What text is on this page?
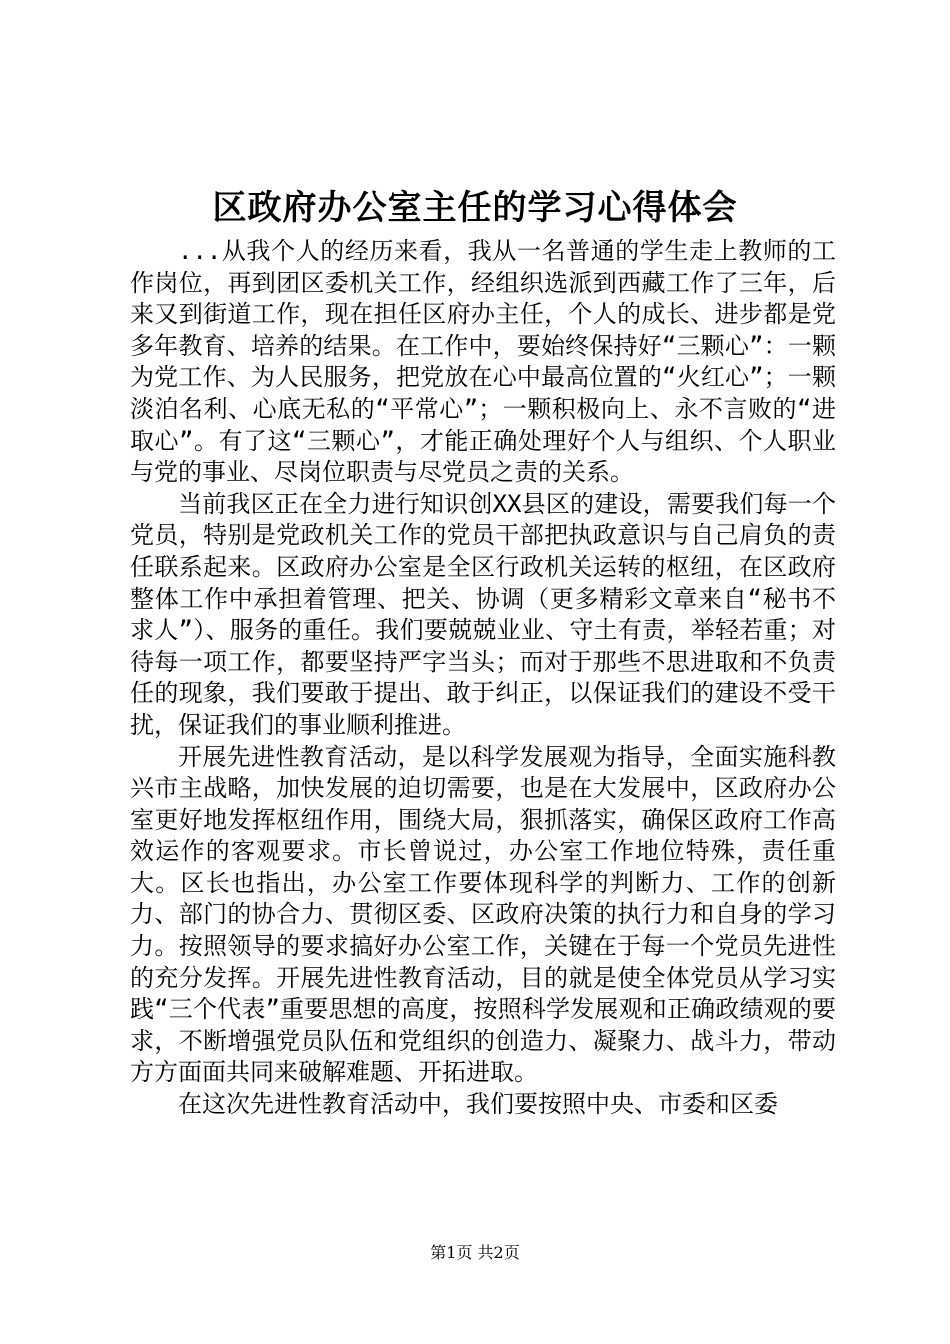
区政府办公室主任的学习心得体会

...从我个人的经历来看，我从一名普通的学生走上教师的工作岗位，再到团区委机关工作，经组织选派到西藏工作了三年，后来又到街道工作，现在担任区府办主任，个人的成长、进步都是党多年教育、培养的结果。在工作中，要始终保持好“三颗心”：一颗为党工作、为人民服务，把党放在心中最高位置的“火红心”；一颗淡泊名利、心底无私的“平常心”；一颗积极向上、永不言败的“进取心”。有了这“三颗心”，才能正确处理好个人与组织、个人职业与党的事业、尽岗位职责与尽党员之责的关系。

当前我区正在全力进行知识创XX县区的建设，需要我们每一个党员，特别是党政机关工作的党员干部把执政意识与自己肩负的责任联系起来。区政府办公室是全区行政机关运转的枢纽，在区政府整体工作中承担着管理、把关、协调（更多精彩文章来自“秘书不求人”）、服务的重任。我们要兢兢业业、守土有责，举轻若重；对待每一项工作，都要坚持严字当头；而对于那些不思进取和不负责任的现象，我们要敢于提出、敢于纠正，以保证我们的建设不受干扰，保证我们的事业顺利推进。

开展先进性教育活动，是以科学发展观为指导，全面实施科教兴市主战略，加快发展的迫切需要，也是在大发展中，区政府办公室更好地发挥枢纽作用，围绕大局，狠抓落实，确保区政府工作高效运作的客观要求。市长曾说过，办公室工作地位特殊，责任重大。区长也指出，办公室工作要体现科学的判断力、工作的创新力、部门的协合力、贯彻区委、区政府决策的执行力和自身的学习力。按照领导的要求搞好办公室工作，关键在于每一个党员先进性的充分发挥。开展先进性教育活动，目的就是使全体党员从学习实践“三个代表”重要思想的高度，按照科学发展观和正确政绩观的要求，不断增强党员队伍和党组织的创造力、凝聚力、战斗力，带动方方面面共同来破解难题、开拓进取。

在这次先进性教育活动中，我们要按照中央、市委和区委

第1页 共2页
